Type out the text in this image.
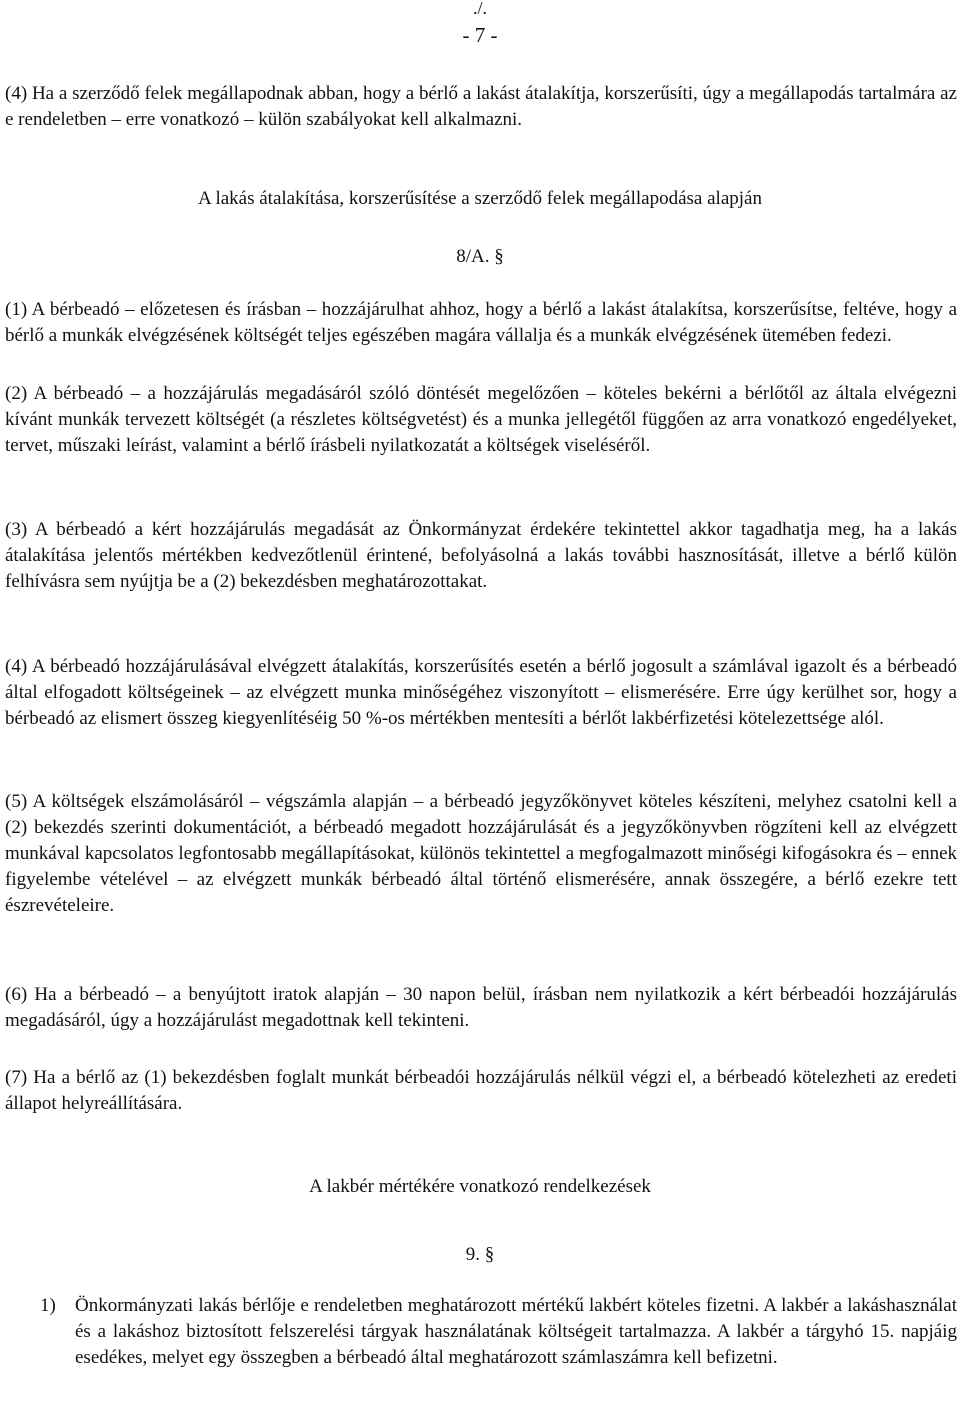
./.
- 7 -

(4) Ha a szerződő felek megállapodnak abban, hogy a bérlő a lakást átalakítja, korszerűsíti, úgy a megállapodás tartalmára az e rendeletben – erre vonatkozó – külön szabályokat kell alkalmazni.

A lakás átalakítása, korszerűsítése a szerződő felek megállapodása alapján

8/A. §

(1) A bérbeadó – előzetesen és írásban – hozzájárulhat ahhoz, hogy a bérlő a lakást átalakítsa, korszerűsítse, feltéve, hogy a bérlő a munkák elvégzésének költségét teljes egészében magára vállalja és a munkák elvégzésének ütemében fedezi.

(2) A bérbeadó – a hozzájárulás megadásáról szóló döntését megelőzően – köteles bekérni a bérlőtől az általa elvégezni kívánt munkák tervezett költségét (a részletes költségvetést) és a munka jellegétől függően az arra vonatkozó engedélyeket, tervet, műszaki leírást, valamint a bérlő írásbeli nyilatkozatát a költségek viseléséről.

(3) A bérbeadó a kért hozzájárulás megadását az Önkormányzat érdekére tekintettel akkor tagadhatja meg, ha a lakás átalakítása jelentős mértékben kedvezőtlenül érintené, befolyásolná a lakás további hasznosítását, illetve a bérlő külön felhívásra sem nyújtja be a (2) bekezdésben meghatározottakat.

(4) A bérbeadó hozzájárulásával elvégzett átalakítás, korszerűsítés esetén a bérlő jogosult a számlával igazolt és a bérbeadó által elfogadott költségeinek – az elvégzett munka minőségéhez viszonyított – elismerésére. Erre úgy kerülhet sor, hogy a bérbeadó az elismert összeg kiegyenlítéséig 50 %-os mértékben mentesíti a bérlőt lakbérfizetési kötelezettsége alól.

(5) A költségek elszámolásáról – végszámla alapján – a bérbeadó jegyzőkönyvet köteles készíteni, melyhez csatolni kell a (2) bekezdés szerinti dokumentációt, a bérbeadó megadott hozzájárulását és a jegyzőkönyvben rögzíteni kell az elvégzett munkával kapcsolatos legfontosabb megállapításokat, különös tekintettel a megfogalmazott minőségi kifogásokra és – ennek figyelembe vételével – az elvégzett munkák bérbeadó által történő elismerésére, annak összegére, a bérlő ezekre tett észrevételeire.

(6) Ha a bérbeadó – a benyújtott iratok alapján – 30 napon belül, írásban nem nyilatkozik a kért bérbeadói hozzájárulás megadásáról, úgy a hozzájárulást megadottnak kell tekinteni.

(7) Ha a bérlő az (1) bekezdésben foglalt munkát bérbeadói hozzájárulás nélkül végzi el, a bérbeadó kötelezheti az eredeti állapot helyreállítására.

A lakbér mértékére vonatkozó rendelkezések

9. §

1)	Önkormányzati lakás bérlője e rendeletben meghatározott mértékű lakbért köteles fizetni. A lakbér a lakáshasználat és a lakáshoz biztosított felszerelési tárgyak használatának költségeit tartalmazza. A lakbér a tárgyhó 15. napjáig esedékes, melyet egy összegben a bérbeadó által meghatározott számlaszámra kell befizetni.
